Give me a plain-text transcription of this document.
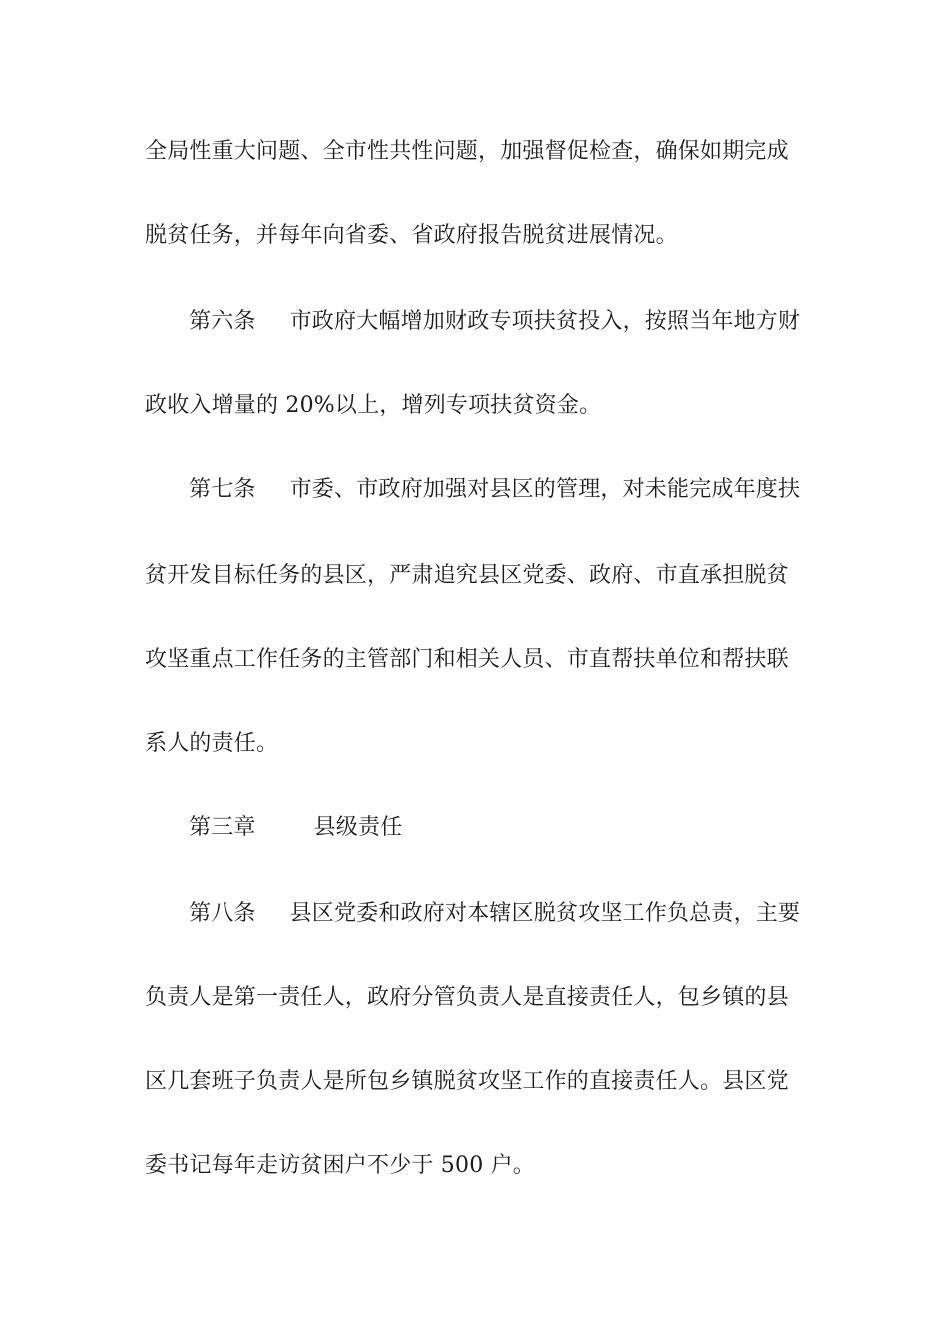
全局性重大问题、全市性共性问题，加强督促检查，确保如期完成
脱贫任务，并每年向省委、省政府报告脱贫进展情况。
第六条 市政府大幅增加财政专项扶贫投入，按照当年地方财
政收入增量的 20%以上，增列专项扶贫资金。
第七条 市委、市政府加强对县区的管理，对未能完成年度扶
贫开发目标任务的县区，严肃追究县区党委、政府、市直承担脱贫
攻坚重点工作任务的主管部门和相关人员、市直帮扶单位和帮扶联
系人的责任。
第三章	县级责任
第八条 县区党委和政府对本辖区脱贫攻坚工作负总责，主要
负责人是第一责任人，政府分管负责人是直接责任人，包乡镇的县
区几套班子负责人是所包乡镇脱贫攻坚工作的直接责任人。县区党
委书记每年走访贫困户不少于 500 户。
